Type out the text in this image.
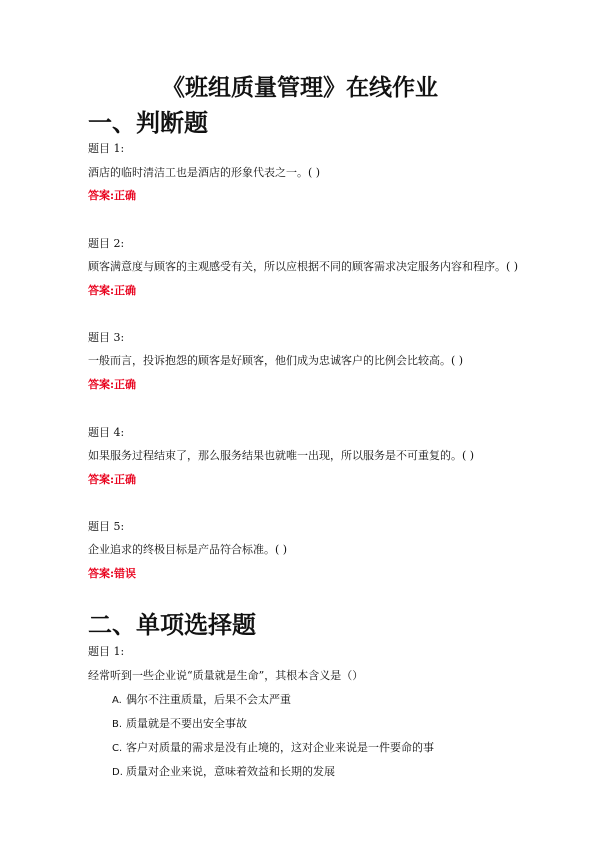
《班组质量管理》在线作业
一、判断题
题目 1:
酒店的临时清洁工也是酒店的形象代表之一。( )
答案:正确
题目 2:
顾客满意度与顾客的主观感受有关，所以应根据不同的顾客需求决定服务内容和程序。( )
答案:正确
题目 3:
一般而言，投诉抱怨的顾客是好顾客，他们成为忠诚客户的比例会比较高。( )
答案:正确
题目 4:
如果服务过程结束了，那么服务结果也就唯一出现，所以服务是不可重复的。( )
答案:正确
题目 5:
企业追求的终极目标是产品符合标准。( )
答案:错误
二、单项选择题
题目 1:
经常听到一些企业说“质量就是生命”，其根本含义是（）
A. 偶尔不注重质量，后果不会太严重
B. 质量就是不要出安全事故
C. 客户对质量的需求是没有止境的，这对企业来说是一件要命的事
D. 质量对企业来说，意味着效益和长期的发展
